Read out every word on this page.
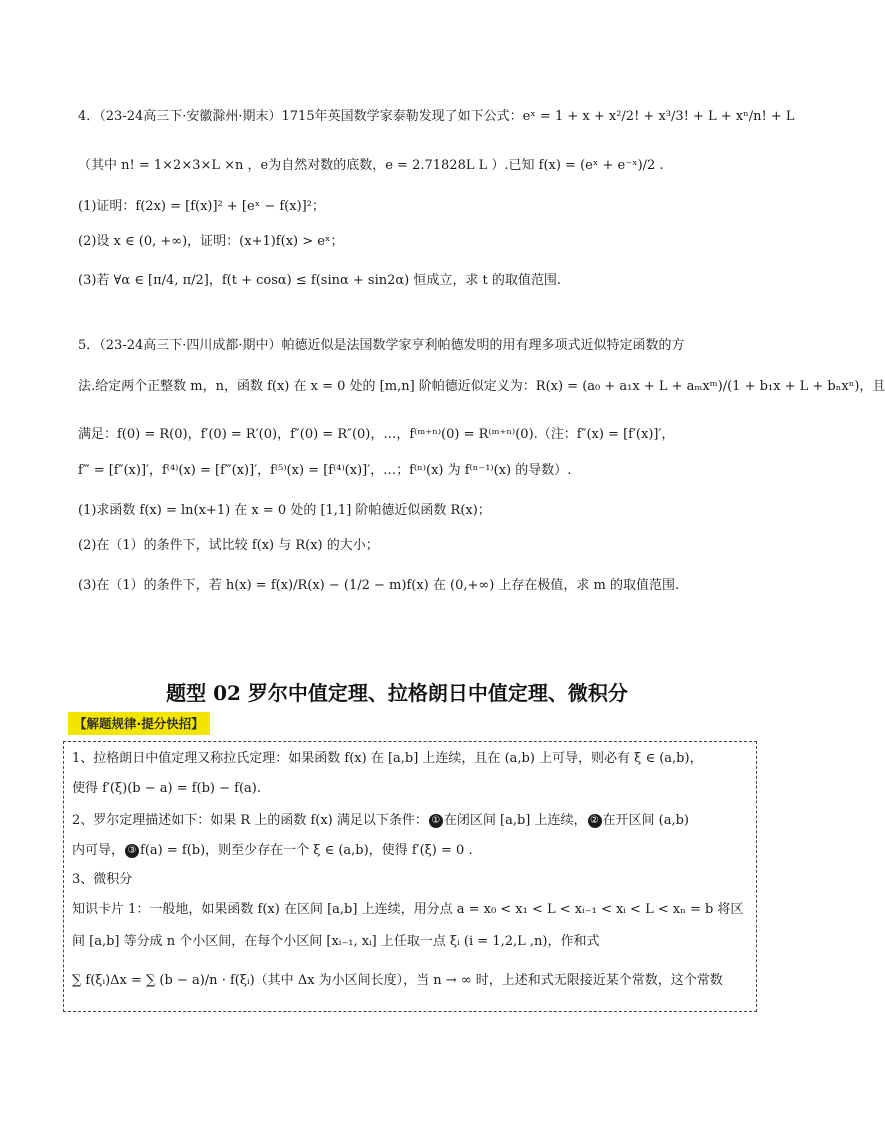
4．（23-24高三下·安徽滁州·期末）1715年英国数学家泰勒发现了如下公式：eˣ = 1 + x + x²/2! + x³/3! + L + xⁿ/n! + L
（其中 n! = 1×2×3×L ×n ，e为自然对数的底数，e = 2.71828L L ）.已知 f(x) = (eˣ + e⁻ˣ)/2 .
(1)证明：f(2x) = [f(x)]² + [eˣ − f(x)]²；
(2)设 x ∈ (0, +∞)，证明：(x+1)f(x) > eˣ；
(3)若 ∀α ∈ [π/4, π/2]，f(t + cosα) ≤ f(sinα + sin2α) 恒成立，求 t 的取值范围.
5．（23-24高三下·四川成都·期中）帕德近似是法国数学家亨利帕德发明的用有理多项式近似特定函数的方
法.给定两个正整数 m，n，函数 f(x) 在 x = 0 处的 [m,n] 阶帕德近似定义为：R(x) = (a₀ + a₁x + L + aₘxᵐ)/(1 + b₁x + L + bₙxⁿ)，且
满足：f(0) = R(0)，f′(0) = R′(0)，f″(0) = R″(0)，…，f⁽ᵐ⁺ⁿ⁾(0) = R⁽ᵐ⁺ⁿ⁾(0).（注：f″(x) = [f′(x)]′，
f‴ = [f″(x)]′，f⁽⁴⁾(x) = [f‴(x)]′，f⁽⁵⁾(x) = [f⁽⁴⁾(x)]′，…；f⁽ⁿ⁾(x) 为 f⁽ⁿ⁻¹⁾(x) 的导数）.
(1)求函数 f(x) = ln(x+1) 在 x = 0 处的 [1,1] 阶帕德近似函数 R(x)；
(2)在（1）的条件下，试比较 f(x) 与 R(x) 的大小；
(3)在（1）的条件下，若 h(x) = f(x)/R(x) − (1/2 − m)f(x) 在 (0,+∞) 上存在极值，求 m 的取值范围.
题型 02 罗尔中值定理、拉格朗日中值定理、微积分
【解题规律·提分快招】
1、拉格朗日中值定理又称拉氏定理：如果函数 f(x) 在 [a,b] 上连续，且在 (a,b) 上可导，则必有 ξ ∈ (a,b)，
使得 f′(ξ)(b − a) = f(b) − f(a).
2、罗尔定理描述如下：如果 R 上的函数 f(x) 满足以下条件： ① 在闭区间 [a,b] 上连续， ② 在开区间 (a,b)
内可导， ③ f(a) = f(b)，则至少存在一个 ξ ∈ (a,b)，使得 f′(ξ) = 0 .
3、微积分
知识卡片 1：一般地，如果函数 f(x) 在区间 [a,b] 上连续，用分点 a = x₀ < x₁ < L < xᵢ₋₁ < xᵢ < L < xₙ = b 将区
间 [a,b] 等分成 n 个小区间，在每个小区间 [xᵢ₋₁, xᵢ] 上任取一点 ξᵢ (i = 1,2,L ,n)，作和式
∑ f(ξᵢ)Δx = ∑ (b − a)/n · f(ξᵢ)（其中 Δx 为小区间长度），当 n → ∞ 时，上述和式无限接近某个常数，这个常数
